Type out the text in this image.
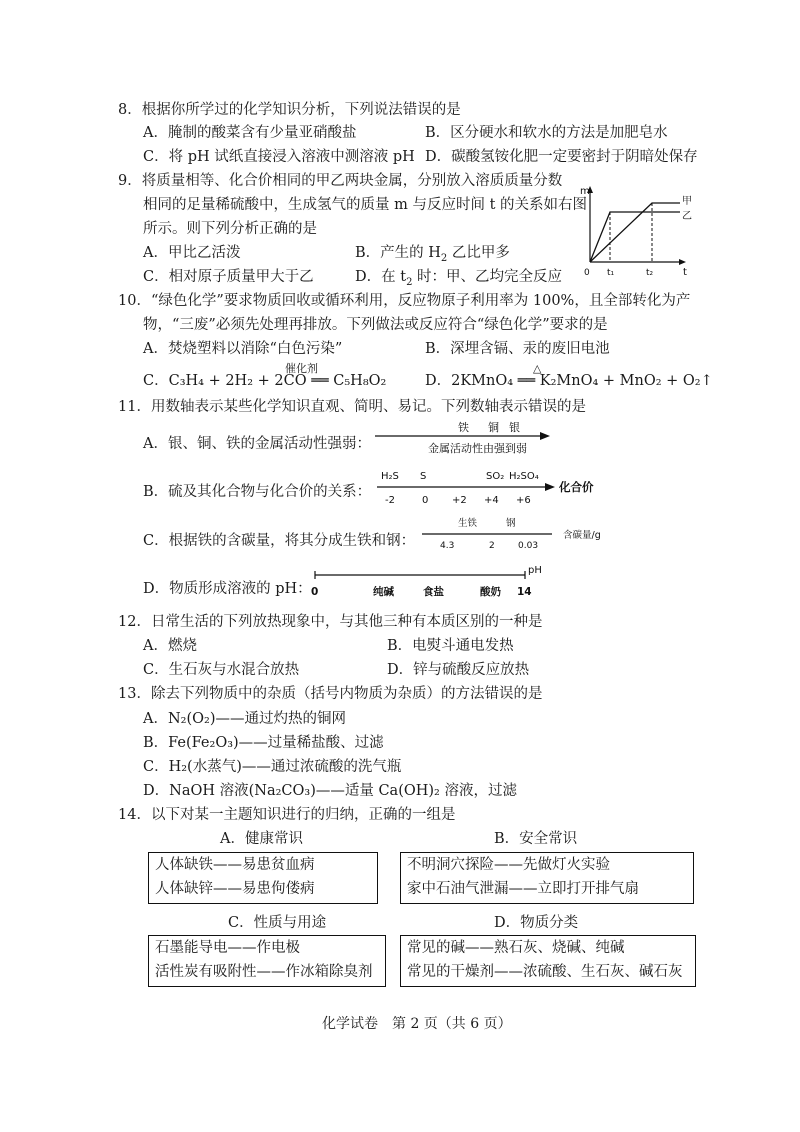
8．根据你所学过的化学知识分析，下列说法错误的是
A．腌制的酸菜含有少量亚硝酸盐	B．区分硬水和软水的方法是加肥皂水
C．将 pH 试纸直接浸入溶液中测溶液 pH D．碳酸氢铵化肥一定要密封于阴暗处保存
9．将质量相等、化合价相同的甲乙两块金属，分别放入溶质质量分数
相同的足量稀硫酸中，生成氢气的质量 m 与反应时间 t 的关系如右图
所示。则下列分析正确的是
A．甲比乙活泼	B．产生的 $H_2$ 乙比甲多
C．相对原子质量甲大于乙	D．在 $t_2$ 时：甲、乙均完全反应
m
t
0 t₁	t₂
甲
乙
10．“绿色化学”要求物质回收或循环利用，反应物原子利用率为 100%，且全部转化为产
物，“三废”必须先处理再排放。下列做法或反应符合“绿色化学”要求的是
A．焚烧塑料以消除“白色污染”	B．深埋含镉、汞的废旧电池
催化剂
C．C₃H₄ + 2H₂ + 2CO ══ C₅H₈O₂
△
D．2KMnO₄ ══ K₂MnO₄ + MnO₂ + O₂↑
11．用数轴表示某些化学知识直观、简明、易记。下列数轴表示错误的是
A．银、铜、铁的金属活动性强弱：
铁 铜 银
金属活动性由强到弱
B．硫及其化合物与化合价的关系：
H₂S S	SO₂ H₂SO₄
-2	0 +2 +4 +6
化合价
C．根据铁的含碳量，将其分成生铁和钢：
生铁	钢
4.3	2	0.03
含碳量/g
D．物质形成溶液的 pH：
pH
0	纯碱	食盐	酸奶 14
12．日常生活的下列放热现象中，与其他三种有本质区别的一种是
A．燃烧	B．电熨斗通电发热
C．生石灰与水混合放热	D．锌与硫酸反应放热
13．除去下列物质中的杂质（括号内物质为杂质）的方法错误的是
A．N₂(O₂)——通过灼热的铜网
B．Fe(Fe₂O₃)——过量稀盐酸、过滤
C．H₂(水蒸气)——通过浓硫酸的洗气瓶
D．NaOH 溶液(Na₂CO₃)——适量 Ca(OH)₂ 溶液，过滤
14．以下对某一主题知识进行的归纳，正确的一组是
A．健康常识
人体缺铁——易患贫血病
人体缺锌——易患佝偻病
B．安全常识
不明洞穴探险——先做灯火实验
家中石油气泄漏——立即打开排气扇
C．性质与用途
石墨能导电——作电极
活性炭有吸附性——作冰箱除臭剂
D．物质分类
常见的碱——熟石灰、烧碱、纯碱
常见的干燥剂——浓硫酸、生石灰、碱石灰
化学试卷　第 2 页（共 6 页）
